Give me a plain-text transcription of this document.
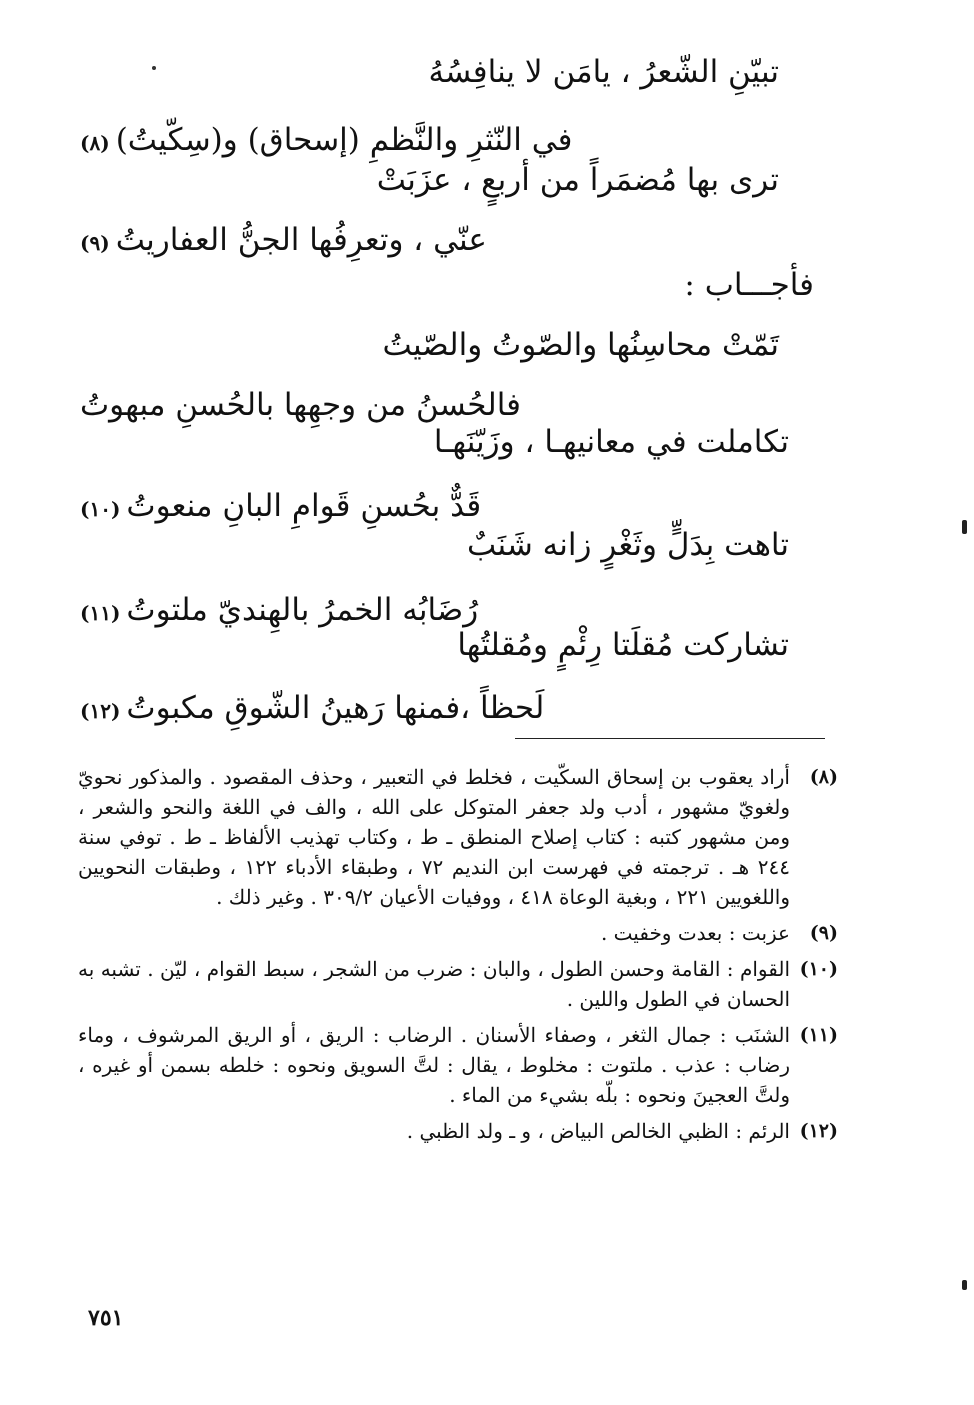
تبيّنِ الشّعرُ ، يامَن لا ينافِسُهُ
في النّثرِ والنَّظمِ (إسحاق) و(سِكّيتُ)(٨)
ترى بها مُضمَراً من أربعٍ ، عزَبَتْ
عنّي ، وتعرِفُها الجنُّ العفاريتُ(٩)
فأجـــاب :
تَمّتْ محاسِنُها والصّوتُ والصّيتُ
فالحُسنُ من وجهِها بالحُسنِ مبهوتُ
تكاملت في معانيهـا ، وزَيّنَهـا
قَدٌّ بحُسنِ قَوامِ البانِ منعوتُ(١٠)
تاهت بِدَلٍّ وثَغْرٍ زانه شَنَبٌ
رُضَابُه الخمرُ بالهِنديّ ملتوتُ(١١)
تشاركت مُقلَتا رِئْمٍ ومُقلتُها
لَحظاً ،فمنها رَهينُ الشّوقِ مكبوتُ(١٢)
(٨)
أراد يعقوب بن إسحاق السكّيت ، فخلط في التعبير ، وحذف المقصود . والمذكور نحويّ ولغويّ مشهور ، أدب ولد جعفر المتوكل على الله ، والف في اللغة والنحو والشعر ، ومن مشهور كتبه : كتاب إصلاح المنطق ـ ط ، وكتاب تهذيب الألفاظ ـ ط . توفي سنة ٢٤٤ هـ . ترجمته في فهرست ابن النديم ٧٢ ، وطبقاء الأدباء ١٢٢ ، وطبقات النحويين واللغويين ٢٢١ ، وبغية الوعاة ٤١٨ ، ووفيات الأعيان ٣٠٩/٢ . وغير ذلك .
(٩)
عزبت : بعدت وخفيت .
(١٠)
القوام : القامة وحسن الطول ، والبان : ضرب من الشجر ، سبط القوام ، ليّن . تشبه به الحسان في الطول واللين .
(١١)
الشنَب : جمال الثغر ، وصفاء الأسنان . الرضاب : الريق ، أو الريق المرشوف ، وماء رضاب : عذب . ملتوت : مخلوط ، يقال : لتَّ السويق ونحوه : خلطه بسمن أو غيره ، ولتَّ العجينَ ونحوه : بلّه بشيء من الماء .
(١٢)
الرئم : الظبي الخالص البياض ، و ـ ولد الظبي .
٧٥١
